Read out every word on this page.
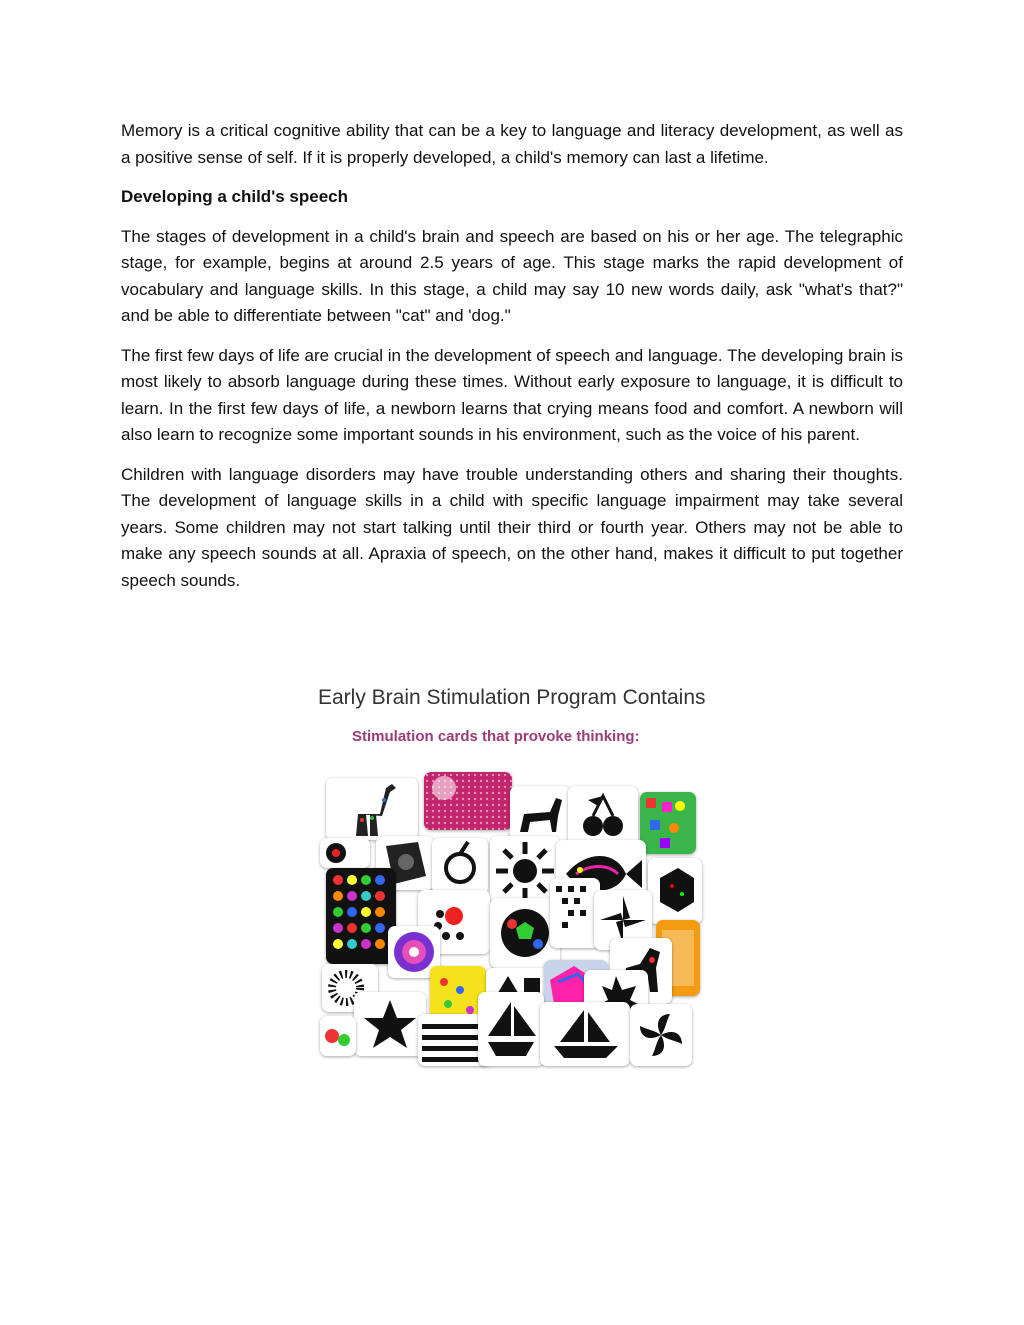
Memory is a critical cognitive ability that can be a key to language and literacy development, as well as a positive sense of self. If it is properly developed, a child's memory can last a lifetime.

Developing a child's speech

The stages of development in a child's brain and speech are based on his or her age. The telegraphic stage, for example, begins at around 2.5 years of age. This stage marks the rapid development of vocabulary and language skills. In this stage, a child may say 10 new words daily, ask "what's that?" and be able to differentiate between "cat" and 'dog."

The first few days of life are crucial in the development of speech and language. The developing brain is most likely to absorb language during these times. Without early exposure to language, it is difficult to learn. In the first few days of life, a newborn learns that crying means food and comfort. A newborn will also learn to recognize some important sounds in his environment, such as the voice of his parent.

Children with language disorders may have trouble understanding others and sharing their thoughts. The development of language skills in a child with specific language impairment may take several years. Some children may not start talking until their third or fourth year. Others may not be able to make any speech sounds at all. Apraxia of speech, on the other hand, makes it difficult to put together speech sounds.

Early Brain Stimulation Program Contains
Stimulation cards that provoke thinking:
